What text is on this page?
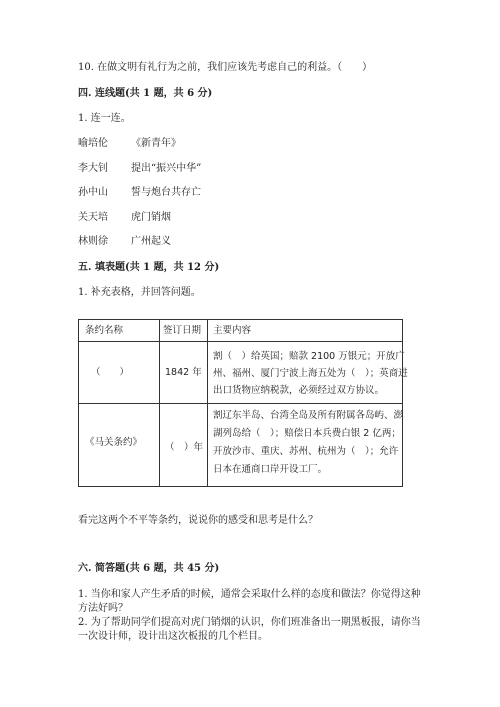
10. 在做文明有礼行为之前，我们应该先考虑自己的利益。（　　）
四. 连线题(共 1 题，共 6 分)
1. 连一连。
喻培伦 《新青年》
李大钊 提出“振兴中华”
孙中山 誓与炮台共存亡
关天培 虎门销烟
林则徐 广州起义
五. 填表题(共 1 题，共 12 分)
1. 补充表格，并回答问题。
条约名称	签订日期 主要内容
（　　）	1842 年
割（　）给英国；赔款 2100 万银元；开放广
州、福州、厦门宁波上海五处为（　）；英商进
出口货物应纳税款，必须经过双方协议。
《马关条约》 （　）年
割辽东半岛、台湾全岛及所有附属各岛屿、澎
湖列岛给（　）；赔偿日本兵费白银 2 亿两；
开放沙市、重庆、苏州、杭州为（　）；允许
日本在通商口岸开设工厂。
看完这两个不平等条约，说说你的感受和思考是什么？
六. 简答题(共 6 题，共 45 分)
1. 当你和家人产生矛盾的时候，通常会采取什么样的态度和做法？你觉得这种
方法好吗？
2. 为了帮助同学们提高对虎门销烟的认识，你们班准备出一期黑板报，请你当
一次设计师，设计出这次板报的几个栏目。
